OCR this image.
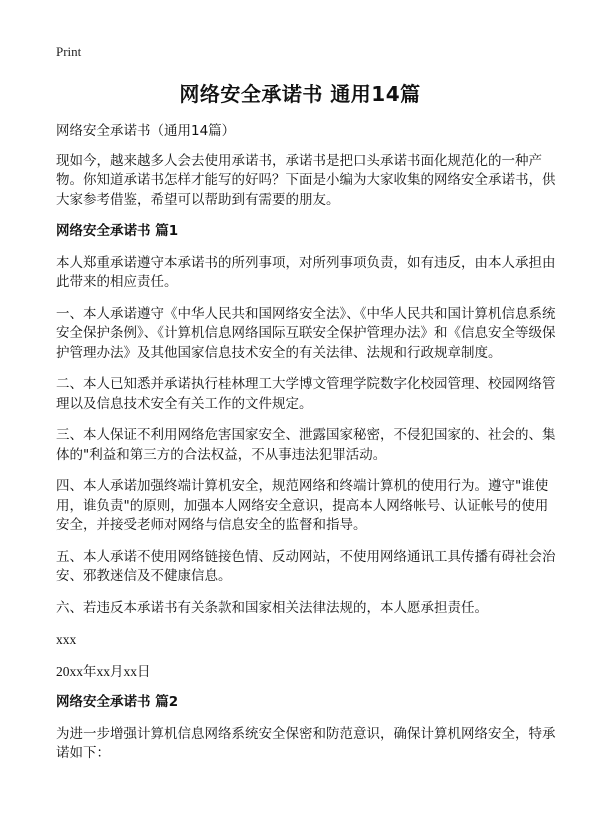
Print
网络安全承诺书 通用14篇

网络安全承诺书（通用14篇）

现如今，越来越多人会去使用承诺书，承诺书是把口头承诺书面化规范化的一种产物。你知道承诺书怎样才能写的好吗？下面是小编为大家收集的网络安全承诺书，供大家参考借鉴，希望可以帮助到有需要的朋友。

网络安全承诺书 篇1

本人郑重承诺遵守本承诺书的所列事项，对所列事项负责，如有违反，由本人承担由此带来的相应责任。

一、本人承诺遵守《中华人民共和国网络安全法》、《中华人民共和国计算机信息系统安全保护条例》、《计算机信息网络国际互联安全保护管理办法》和《信息安全等级保护管理办法》及其他国家信息技术安全的有关法律、法规和行政规章制度。

二、本人已知悉并承诺执行桂林理工大学博文管理学院数字化校园管理、校园网络管理以及信息技术安全有关工作的文件规定。

三、本人保证不利用网络危害国家安全、泄露国家秘密，不侵犯国家的、社会的、集体的"利益和第三方的合法权益，不从事违法犯罪活动。

四、本人承诺加强终端计算机安全，规范网络和终端计算机的使用行为。遵守"谁使用，谁负责"的原则，加强本人网络安全意识，提高本人网络帐号、认证帐号的使用安全，并接受老师对网络与信息安全的监督和指导。

五、本人承诺不使用网络链接色情、反动网站，不使用网络通讯工具传播有碍社会治安、邪教迷信及不健康信息。

六、若违反本承诺书有关条款和国家相关法律法规的，本人愿承担责任。

xxx

20xx年xx月xx日

网络安全承诺书 篇2

为进一步增强计算机信息网络系统安全保密和防范意识，确保计算机网络安全，特承诺如下：
